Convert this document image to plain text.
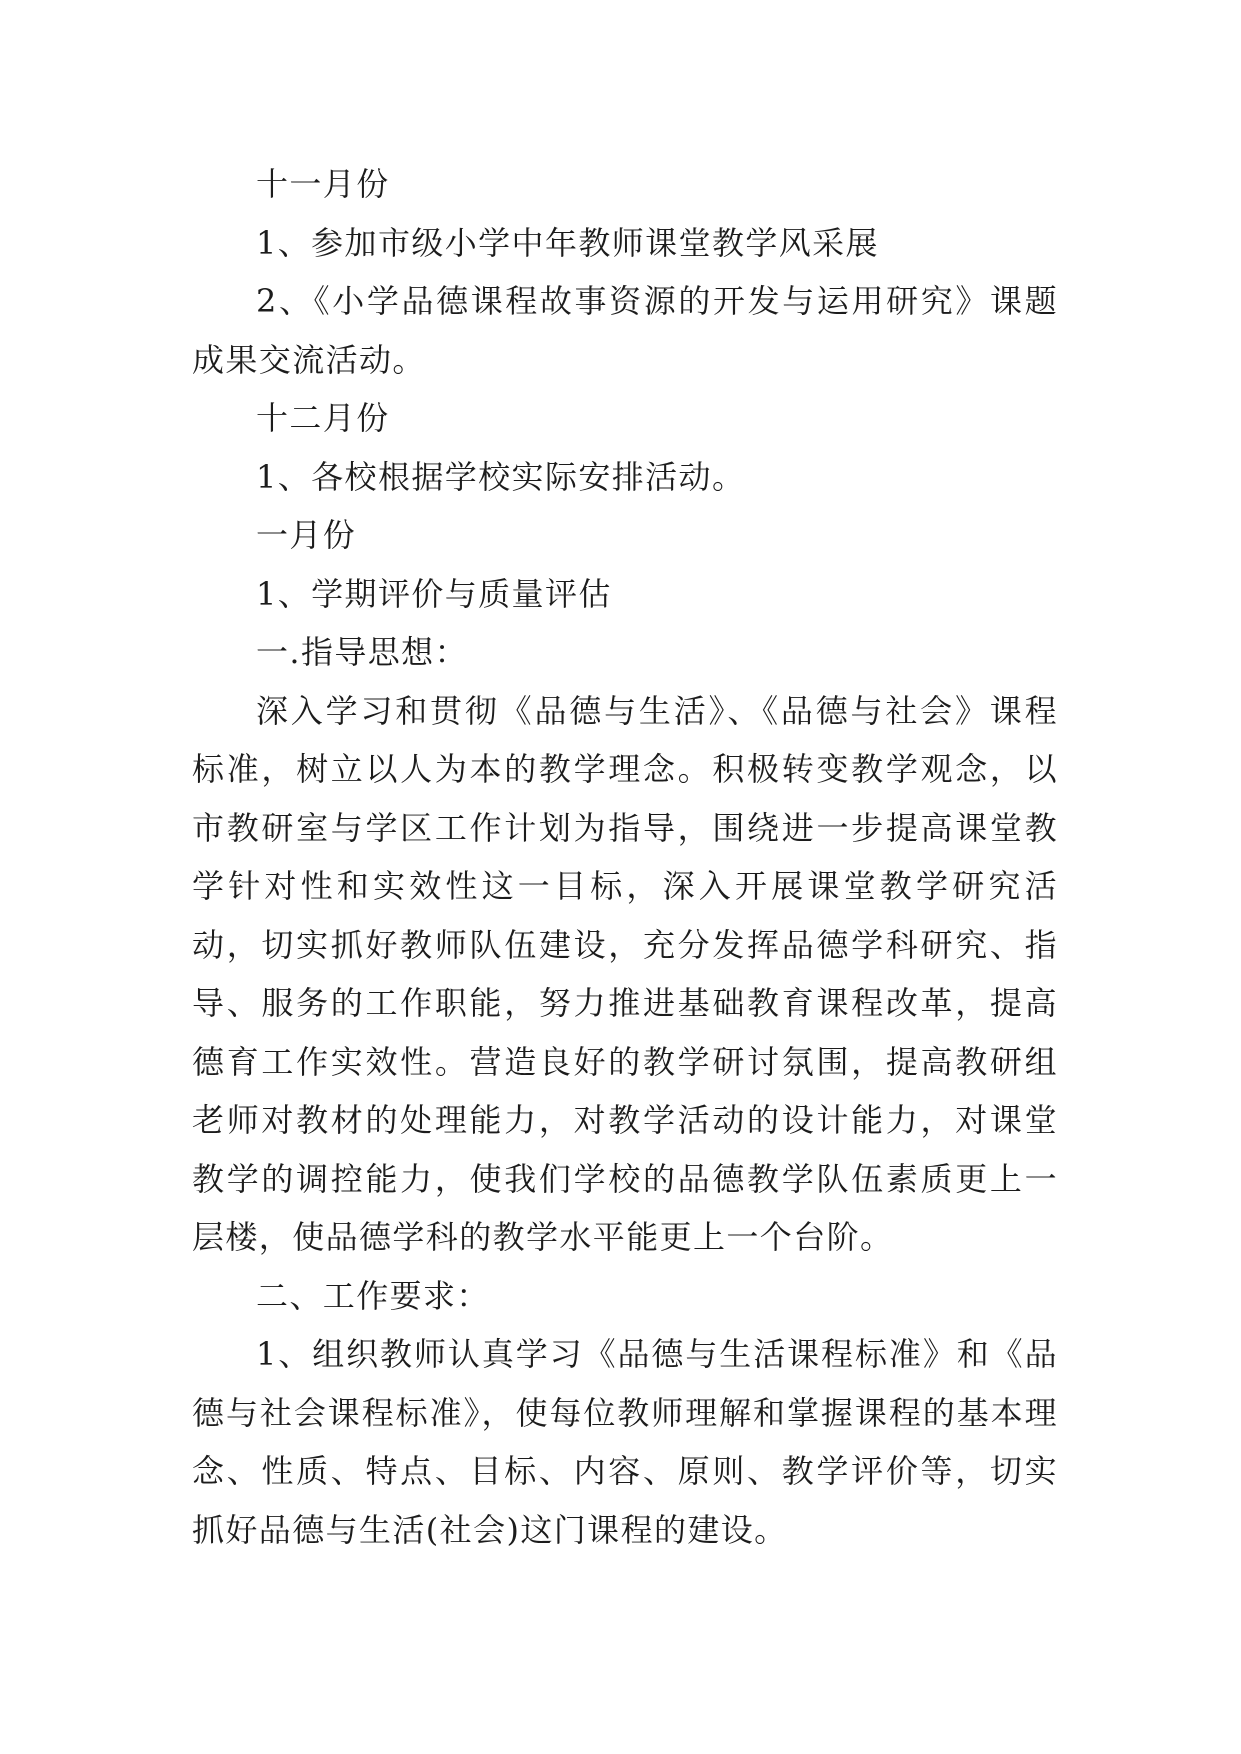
十一月份

1、参加市级小学中年教师课堂教学风采展

2、《小学品德课程故事资源的开发与运用研究》课题成果交流活动。

十二月份

1、各校根据学校实际安排活动。

一月份

1、学期评价与质量评估

一.指导思想：

深入学习和贯彻《品德与生活》、《品德与社会》课程标准，树立以人为本的教学理念。积极转变教学观念，以市教研室与学区工作计划为指导，围绕进一步提高课堂教学针对性和实效性这一目标，深入开展课堂教学研究活动，切实抓好教师队伍建设，充分发挥品德学科研究、指导、服务的工作职能，努力推进基础教育课程改革，提高德育工作实效性。营造良好的教学研讨氛围，提高教研组老师对教材的处理能力，对教学活动的设计能力，对课堂教学的调控能力，使我们学校的品德教学队伍素质更上一层楼，使品德学科的教学水平能更上一个台阶。

二、工作要求：

1、组织教师认真学习《品德与生活课程标准》和《品德与社会课程标准》，使每位教师理解和掌握课程的基本理念、性质、特点、目标、内容、原则、教学评价等，切实抓好品德与生活(社会)这门课程的建设。
